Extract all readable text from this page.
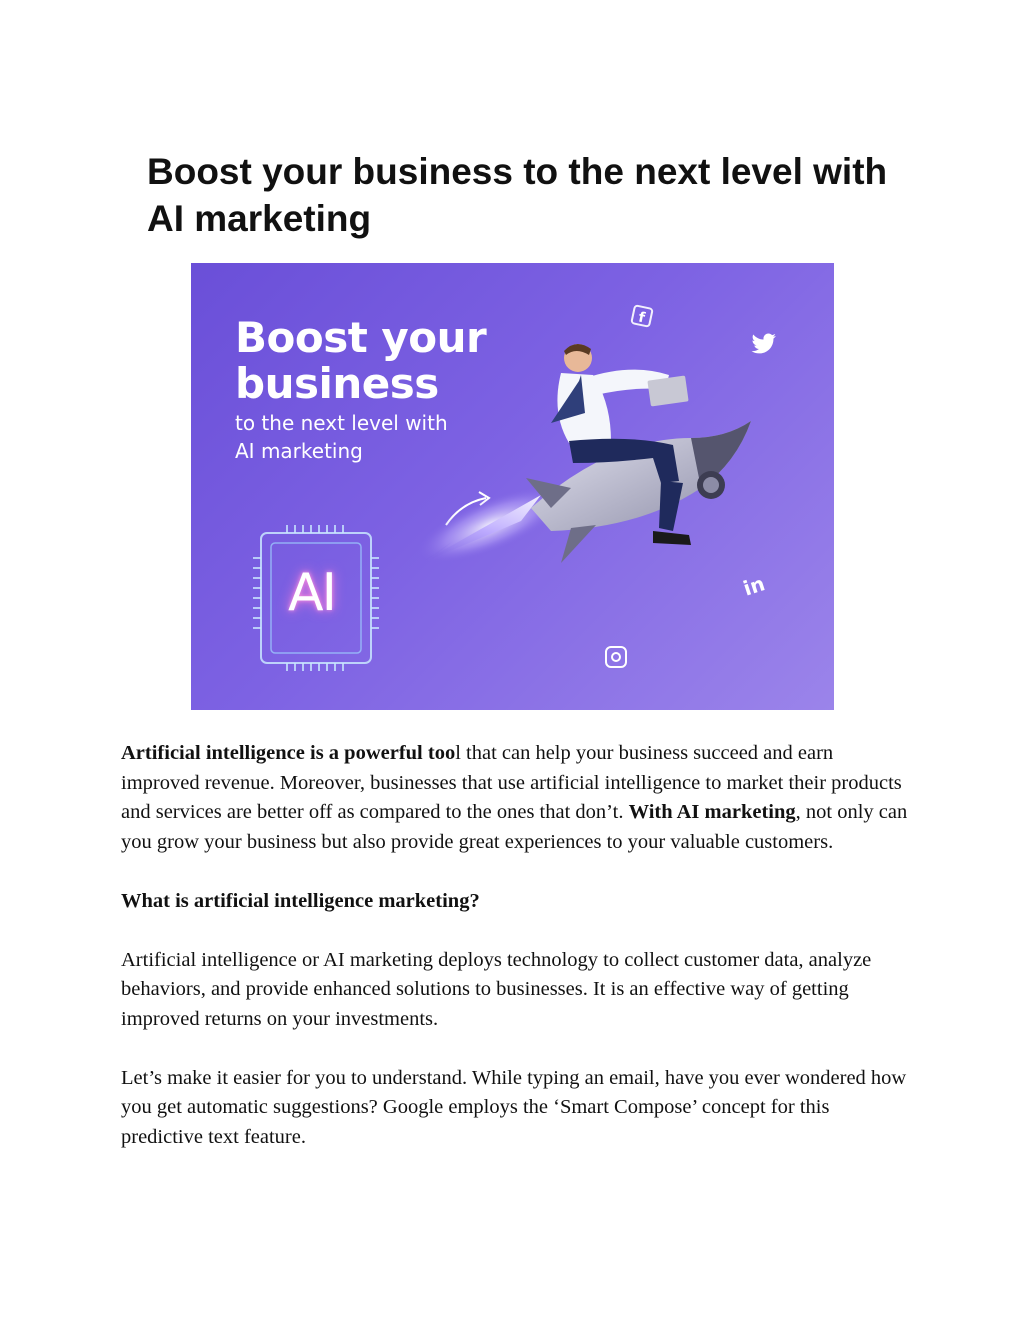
Boost your business to the next level with AI marketing
Boost your
business
to the next level with
AI marketing
AI
f
in

Artificial intelligence is a powerful tool that can help your business succeed and earn improved revenue. Moreover, businesses that use artificial intelligence to market their products and services are better off as compared to the ones that don’t. With AI marketing, not only can you grow your business but also provide great experiences to your valuable customers.

What is artificial intelligence marketing?

Artificial intelligence or AI marketing deploys technology to collect customer data, analyze behaviors, and provide enhanced solutions to businesses. It is an effective way of getting improved returns on your investments.

Let’s make it easier for you to understand. While typing an email, have you ever wondered how you get automatic suggestions? Google employs the ‘Smart Compose’ concept for this predictive text feature.
